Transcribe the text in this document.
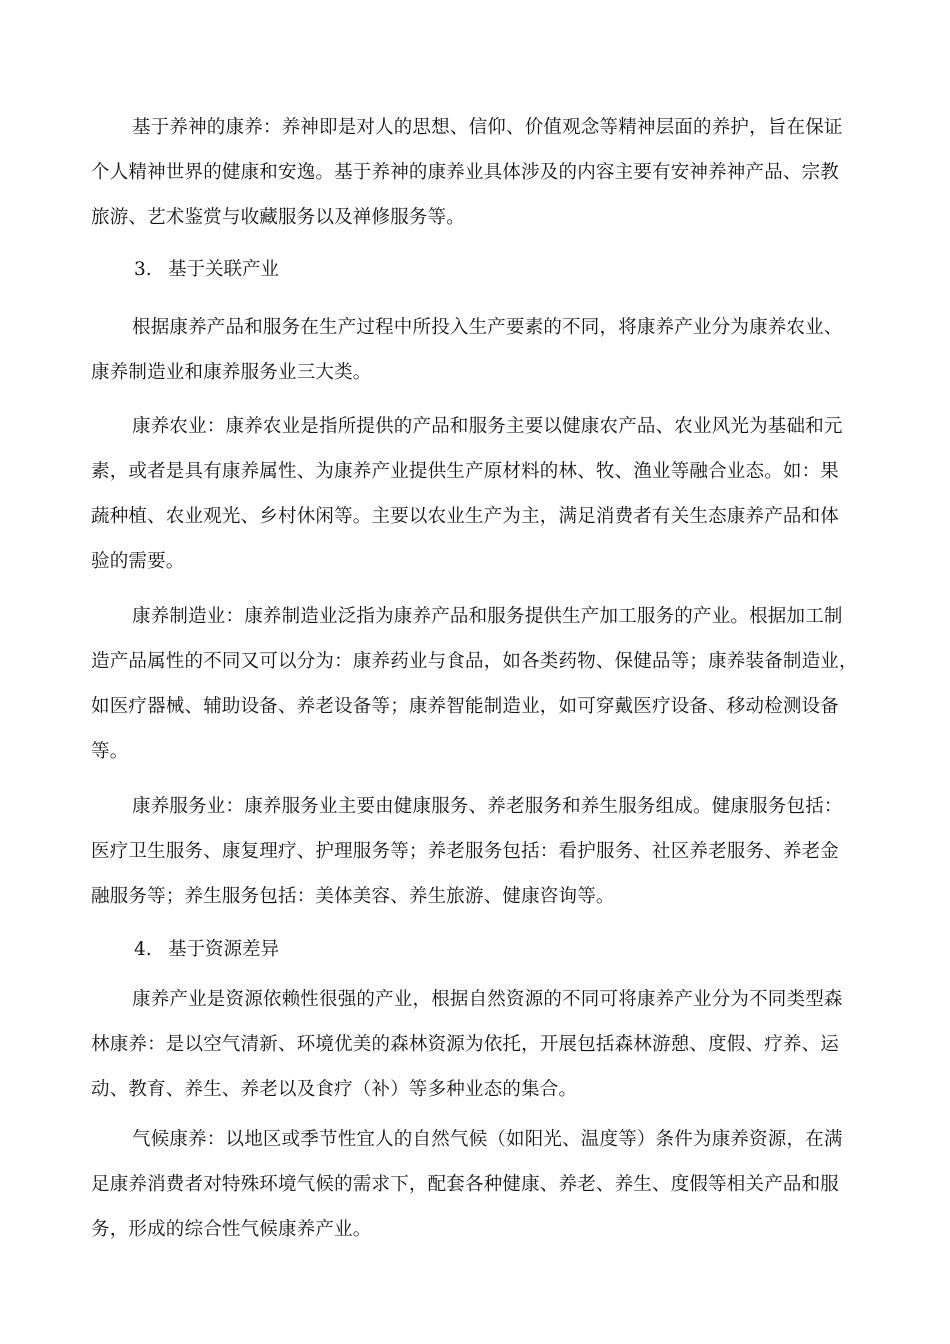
基于养神的康养：养神即是对人的思想、信仰、价值观念等精神层面的养护，旨在保证
个人精神世界的健康和安逸。基于养神的康养业具体涉及的内容主要有安神养神产品、宗教
旅游、艺术鉴赏与收藏服务以及禅修服务等。

3. 基于关联产业

根据康养产品和服务在生产过程中所投入生产要素的不同，将康养产业分为康养农业、
康养制造业和康养服务业三大类。

康养农业：康养农业是指所提供的产品和服务主要以健康农产品、农业风光为基础和元
素，或者是具有康养属性、为康养产业提供生产原材料的林、牧、渔业等融合业态。如：果
蔬种植、农业观光、乡村休闲等。主要以农业生产为主，满足消费者有关生态康养产品和体
验的需要。

康养制造业：康养制造业泛指为康养产品和服务提供生产加工服务的产业。根据加工制
造产品属性的不同又可以分为：康养药业与食品，如各类药物、保健品等；康养装备制造业，
如医疗器械、辅助设备、养老设备等；康养智能制造业，如可穿戴医疗设备、移动检测设备
等。

康养服务业：康养服务业主要由健康服务、养老服务和养生服务组成。健康服务包括：
医疗卫生服务、康复理疗、护理服务等；养老服务包括：看护服务、社区养老服务、养老金
融服务等；养生服务包括：美体美容、养生旅游、健康咨询等。

4. 基于资源差异

康养产业是资源依赖性很强的产业，根据自然资源的不同可将康养产业分为不同类型森
林康养：是以空气清新、环境优美的森林资源为依托，开展包括森林游憩、度假、疗养、运
动、教育、养生、养老以及食疗（补）等多种业态的集合。

气候康养：以地区或季节性宜人的自然气候（如阳光、温度等）条件为康养资源，在满
足康养消费者对特殊环境气候的需求下，配套各种健康、养老、养生、度假等相关产品和服
务，形成的综合性气候康养产业。
